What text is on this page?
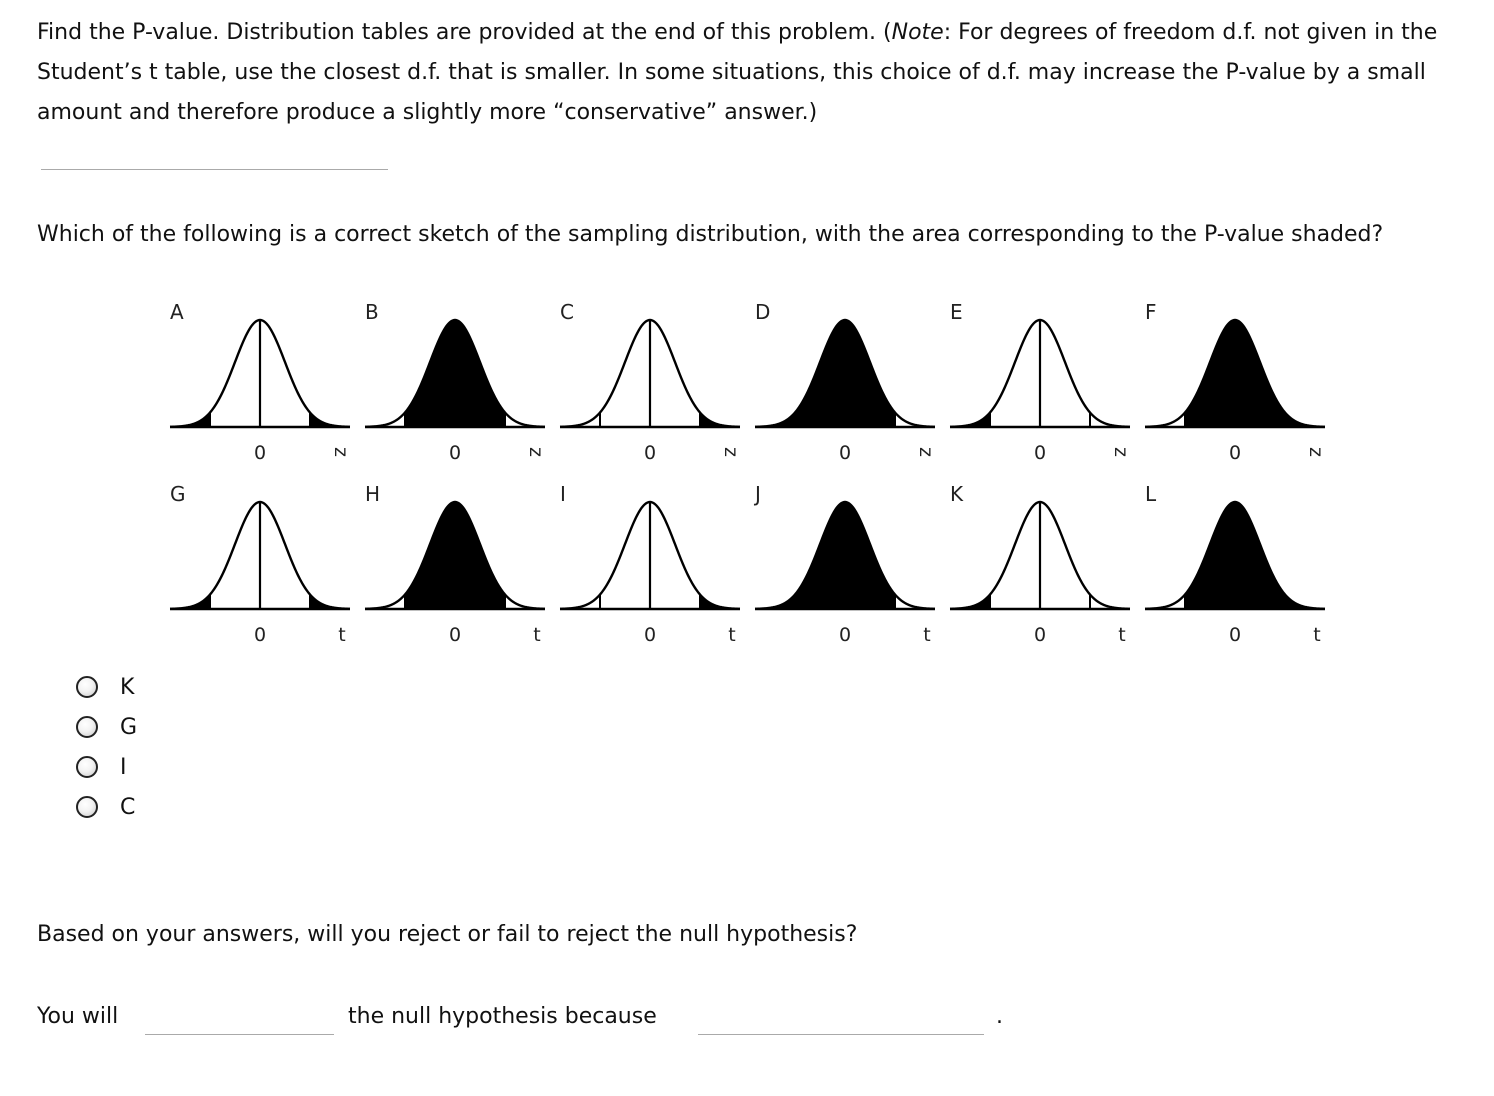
Find the P-value. Distribution tables are provided at the end of this problem. (Note: For degrees of freedom d.f. not given in the Student’s t table, use the closest d.f. that is smaller. In some situations, this choice of d.f. may increase the P-value by a small amount and therefore produce a slightly more “conservative” answer.)

Which of the following is a correct sketch of the sampling distribution, with the area corresponding to the P-value shaded?

A
0	z
B
0	z
C
0	z
D
0	z
E
0	z
F
0	z
G
0	t
H
0	t
I
0	t
J
0	t
K
0	t
L
0	t
K
G
I
C

Based on your answers, will you reject or fail to reject the null hypothesis?

You will	the null hypothesis because	.
